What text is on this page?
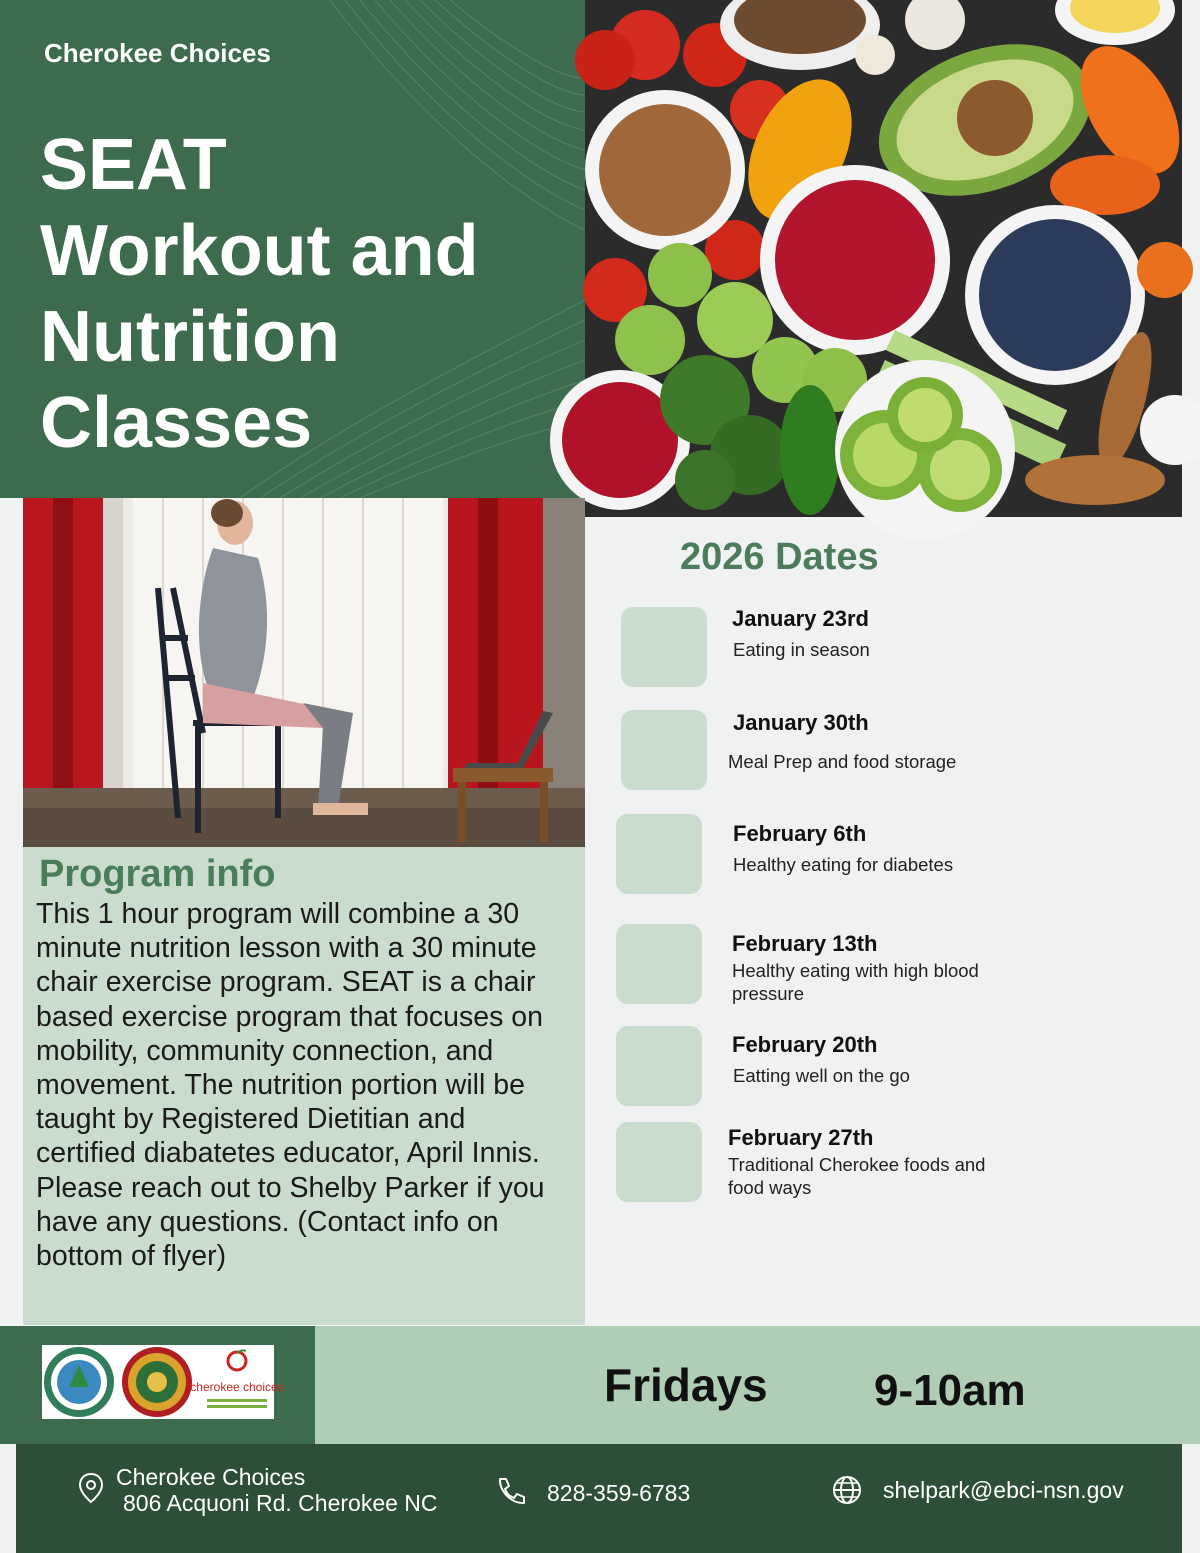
Cherokee Choices
SEAT
Workout and
Nutrition
Classes
Program info
This 1 hour program will combine a 30 minute nutrition lesson with a 30 minute chair exercise program. SEAT is a chair based exercise program that focuses on mobility, community connection, and movement. The nutrition portion will be taught by Registered Dietitian and certified diabatetes educator, April Innis. Please reach out to Shelby Parker if you have any questions. (Contact info on bottom of flyer)
2026 Dates
January 23rd
Eating in season
January 30th
Meal Prep and food storage
February 6th
Healthy eating for diabetes
February 13th
Healthy eating with high blood pressure
February 20th
Eatting well on the go
February 27th
Traditional Cherokee foods and food ways
cherokee choices	Fridays 9-10am
Cherokee Choices
806 Acquoni Rd. Cherokee NC	828-359-6783	shelpark@ebci-nsn.gov
